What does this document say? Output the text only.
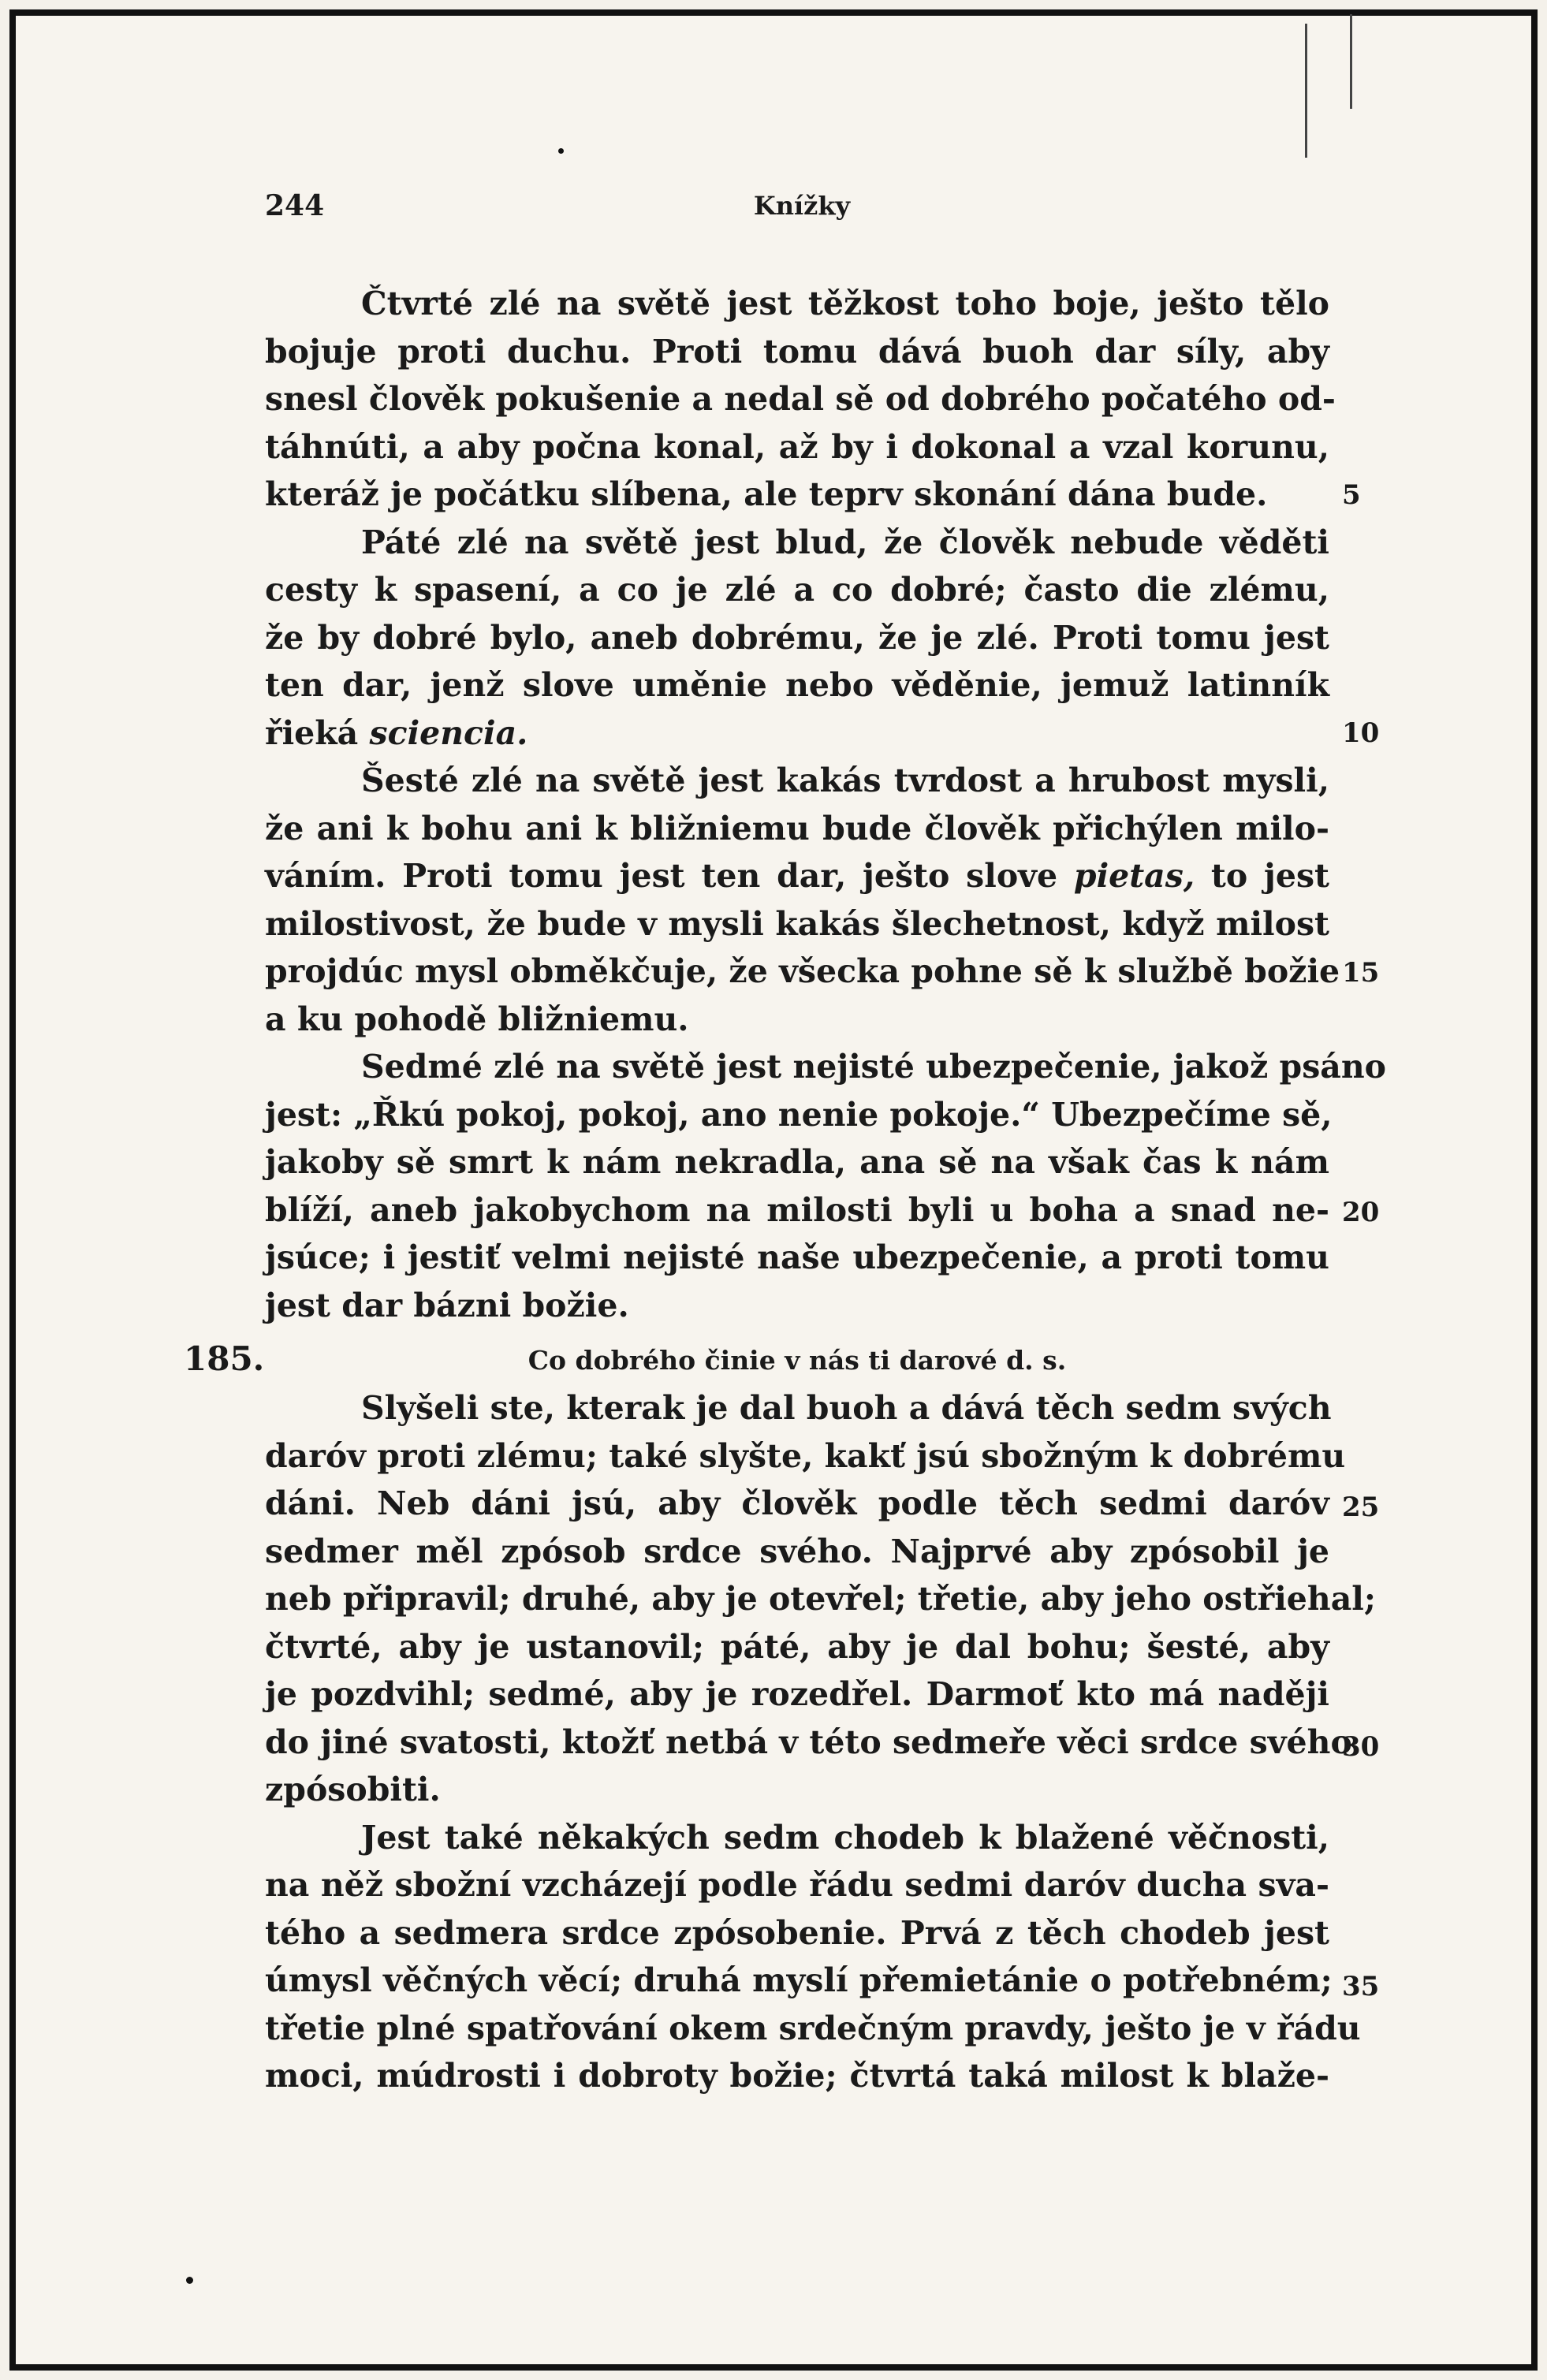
244	Knížky
Čtvrté zlé na světě jest těžkost toho boje, ješto tělo
bojuje proti duchu. Proti tomu dává buoh dar síly, aby
snesl člověk pokušenie a nedal sě od dobrého počatého od-
táhnúti, a aby počna konal, až by i dokonal a vzal korunu,
kteráž je počátku slíbena, ale teprv skonání dána bude.
Páté zlé na světě jest blud, že člověk nebude věděti
cesty k spasení, a co je zlé a co dobré; často die zlému,
že by dobré bylo, aneb dobrému, že je zlé. Proti tomu jest
ten dar, jenž slove uměnie nebo věděnie, jemuž latinník
řieká sciencia.
Šesté zlé na světě jest kakás tvrdost a hrubost mysli,
že ani k bohu ani k bližniemu bude člověk přichýlen milo-
váním. Proti tomu jest ten dar, ješto slove pietas, to jest
milostivost, že bude v mysli kakás šlechetnost, když milost
projdúc mysl obměkčuje, že všecka pohne sě k službě božie
a ku pohodě bližniemu.
Sedmé zlé na světě jest nejisté ubezpečenie, jakož psáno
jest: „Řkú pokoj, pokoj, ano nenie pokoje.“ Ubezpečíme sě,
jakoby sě smrt k nám nekradla, ana sě na však čas k nám
blíží, aneb jakobychom na milosti byli u boha a snad ne-
jsúce; i jestiť velmi nejisté naše ubezpečenie, a proti tomu
jest dar bázni božie.
185.	Co dobrého činie v nás ti darové d. s.
Slyšeli ste, kterak je dal buoh a dává těch sedm svých
daróv proti zlému; také slyšte, kakť jsú sbožným k dobrému
dáni. Neb dáni jsú, aby člověk podle těch sedmi daróv
sedmer měl zpósob srdce svého. Najprvé aby zpósobil je
neb připravil; druhé, aby je otevřel; třetie, aby jeho ostřiehal;
čtvrté, aby je ustanovil; páté, aby je dal bohu; šesté, aby
je pozdvihl; sedmé, aby je rozedřel. Darmoť kto má naději
do jiné svatosti, ktožť netbá v této sedmeře věci srdce svého
zpósobiti.
Jest také někakých sedm chodeb k blažené věčnosti,
na něž sbožní vzcházejí podle řádu sedmi daróv ducha sva-
tého a sedmera srdce zpósobenie. Prvá z těch chodeb jest
úmysl věčných věcí; druhá myslí přemietánie o potřebném;
třetie plné spatřování okem srdečným pravdy, ješto je v řádu
moci, múdrosti i dobroty božie; čtvrtá taká milost k blaže-
5
10
15
20
25
30
35
